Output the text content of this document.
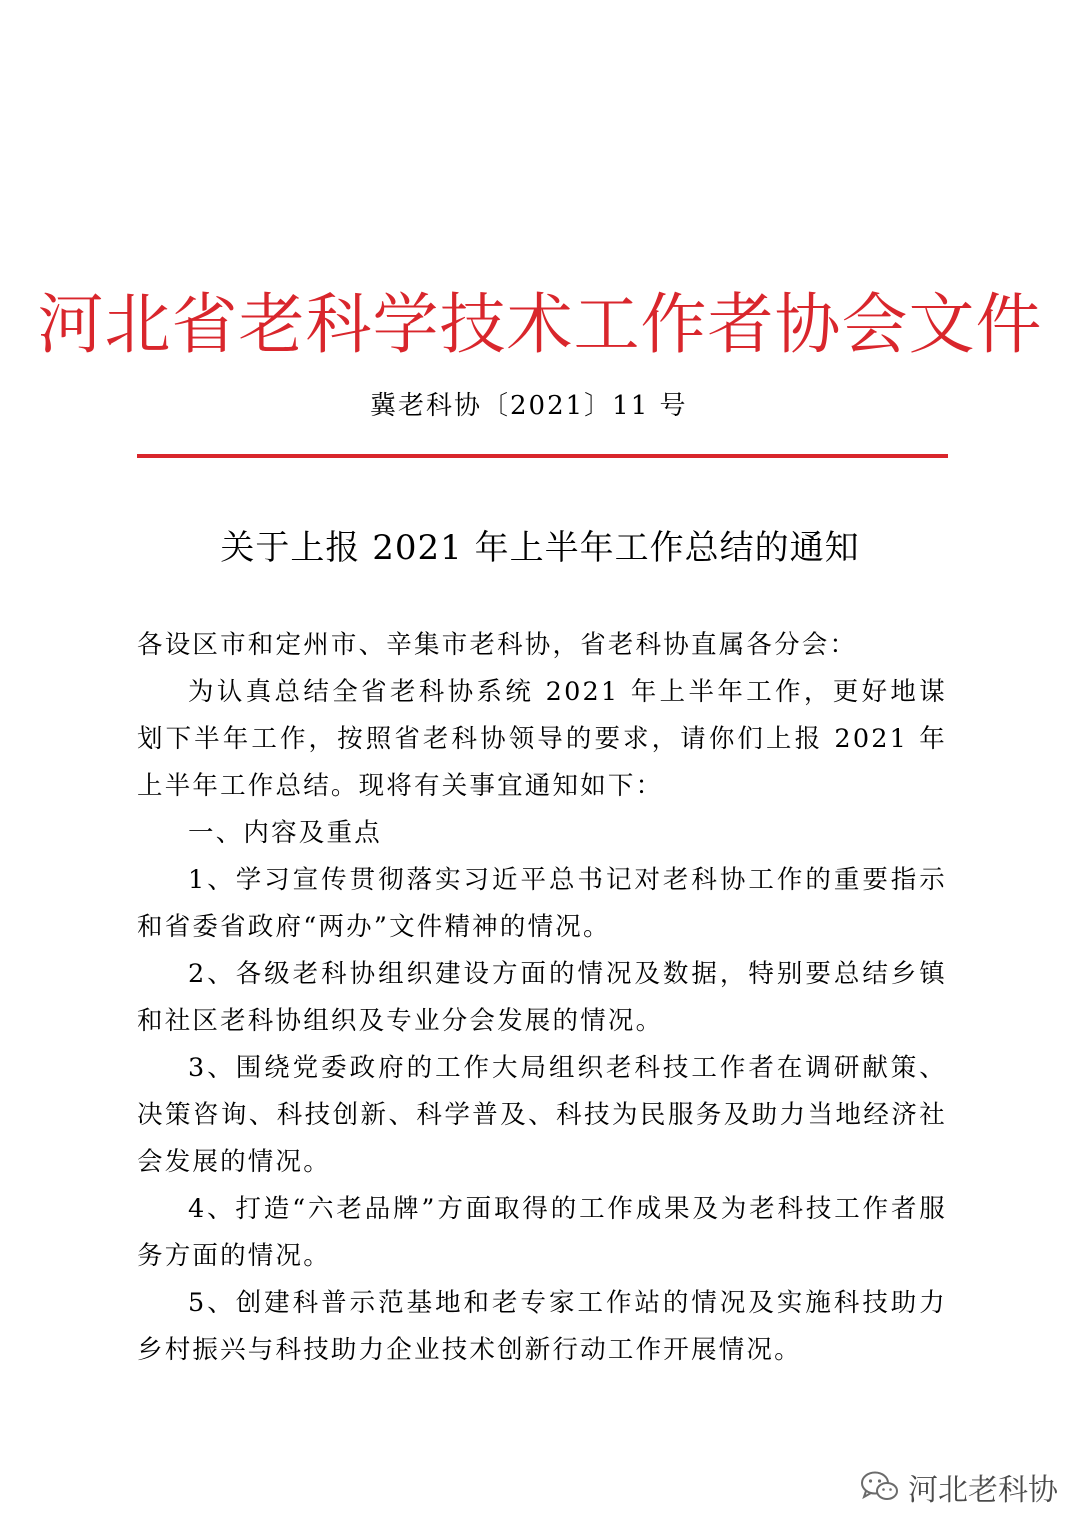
河北省老科学技术工作者协会文件
冀老科协〔2021〕11 号
关于上报 2021 年上半年工作总结的通知

各设区市和定州市、辛集市老科协，省老科协直属各分会：

为认真总结全省老科协系统 2021 年上半年工作，更好地谋划下半年工作，按照省老科协领导的要求，请你们上报 2021 年上半年工作总结。现将有关事宜通知如下：

一、内容及重点

1、学习宣传贯彻落实习近平总书记对老科协工作的重要指示和省委省政府“两办”文件精神的情况。

2、各级老科协组织建设方面的情况及数据，特别要总结乡镇和社区老科协组织及专业分会发展的情况。

3、围绕党委政府的工作大局组织老科技工作者在调研献策、决策咨询、科技创新、科学普及、科技为民服务及助力当地经济社会发展的情况。

4、打造“六老品牌”方面取得的工作成果及为老科技工作者服务方面的情况。

5、创建科普示范基地和老专家工作站的情况及实施科技助力乡村振兴与科技助力企业技术创新行动工作开展情况。

河北老科协
